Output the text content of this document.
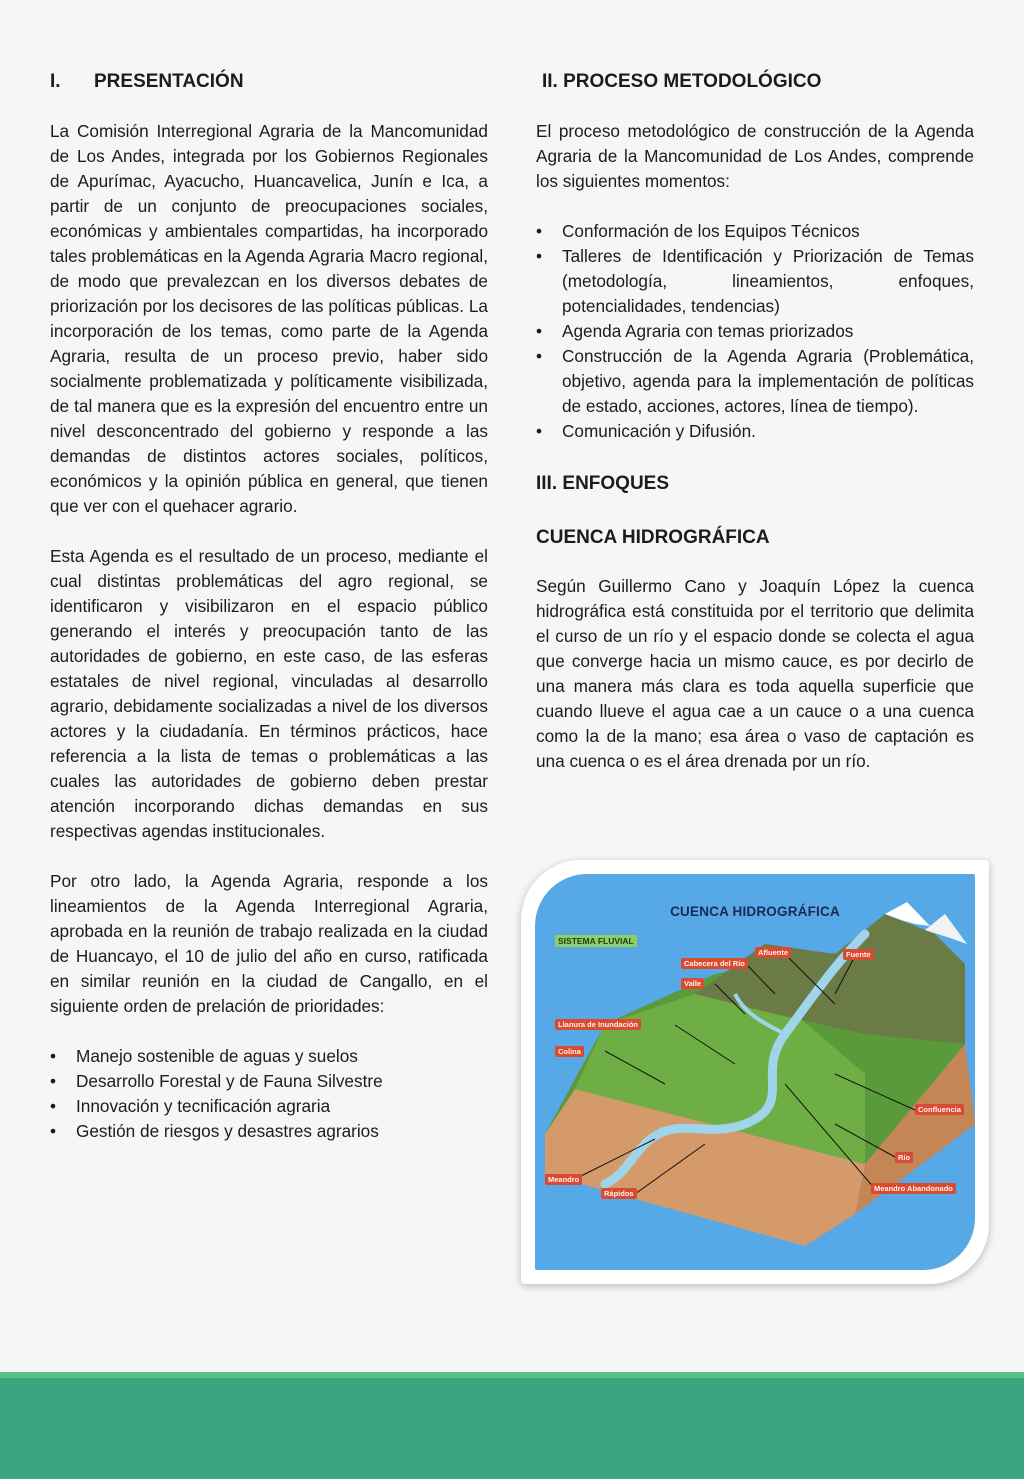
I. PRESENTACIÓN

La Comisión Interregional Agraria de la Mancomunidad de Los Andes, integrada por los Gobiernos Regionales de Apurímac, Ayacucho, Huancavelica, Junín e Ica, a partir de un conjunto de preocupaciones sociales, económicas y ambientales compartidas, ha incorporado tales problemáticas en la Agenda Agraria Macro regional, de modo que prevalezcan en los diversos debates de priorización por los decisores de las políticas públicas. La incorporación de los temas, como parte de la Agenda Agraria, resulta de un proceso previo, haber sido socialmente problematizada y políticamente visibilizada, de tal manera que es la expresión del encuentro entre un nivel desconcentrado del gobierno y responde a las demandas de distintos actores sociales, políticos, económicos y la opinión pública en general, que tienen que ver con el quehacer agrario.

Esta Agenda es el resultado de un proceso, mediante el cual distintas problemáticas del agro regional, se identificaron y visibilizaron en el espacio público generando el interés y preocupación tanto de las autoridades de gobierno, en este caso, de las esferas estatales de nivel regional, vinculadas al desarrollo agrario, debidamente socializadas a nivel de los diversos actores y la ciudadanía. En términos prácticos, hace referencia a la lista de temas o problemáticas a las cuales las autoridades de gobierno deben prestar atención incorporando dichas demandas en sus respectivas agendas institucionales.

Por otro lado, la Agenda Agraria, responde a los lineamientos de la Agenda Interregional Agraria, aprobada en la reunión de trabajo realizada en la ciudad de Huancayo, el 10 de julio del año en curso, ratificada en similar reunión en la ciudad de Cangallo, en el siguiente orden de prelación de prioridades:

•	Manejo sostenible de aguas y suelos
•	Desarrollo Forestal y de Fauna Silvestre
•	Innovación y tecnificación agraria
•	Gestión de riesgos y desastres agrarios
II. PROCESO METODOLÓGICO

El proceso metodológico de construcción de la Agenda Agraria de la Mancomunidad de Los Andes, comprende los siguientes momentos:

•	Conformación de los Equipos Técnicos
•	Talleres de Identificación y Priorización de Temas (metodología, lineamientos, enfoques, potencialidades, tendencias)
•	Agenda Agraria con temas priorizados
•	Construcción de la Agenda Agraria (Problemática, objetivo, agenda para la implementación de políticas de estado, acciones, actores, línea de tiempo).
•	Comunicación y Difusión.
III. ENFOQUES
CUENCA HIDROGRÁFICA

Según Guillermo Cano y Joaquín López la cuenca hidrográfica está constituida por el territorio que delimita el curso de un río y el espacio donde se colecta el agua que converge hacia un mismo cauce, es por decirlo de una manera más clara es toda aquella superficie que cuando llueve el agua cae a un cauce o a una cuenca como la de la mano; esa área o vaso de captación es una cuenca o es el área drenada por un río.

CUENCA HIDROGRÁFICA
SISTEMA FLUVIAL
Afluente	Fuente
Cabecera del Río
Valle
Llanura de Inundación
Colina
Confluencia
Río
Meandro
Rápidos
Meandro Abandonado
